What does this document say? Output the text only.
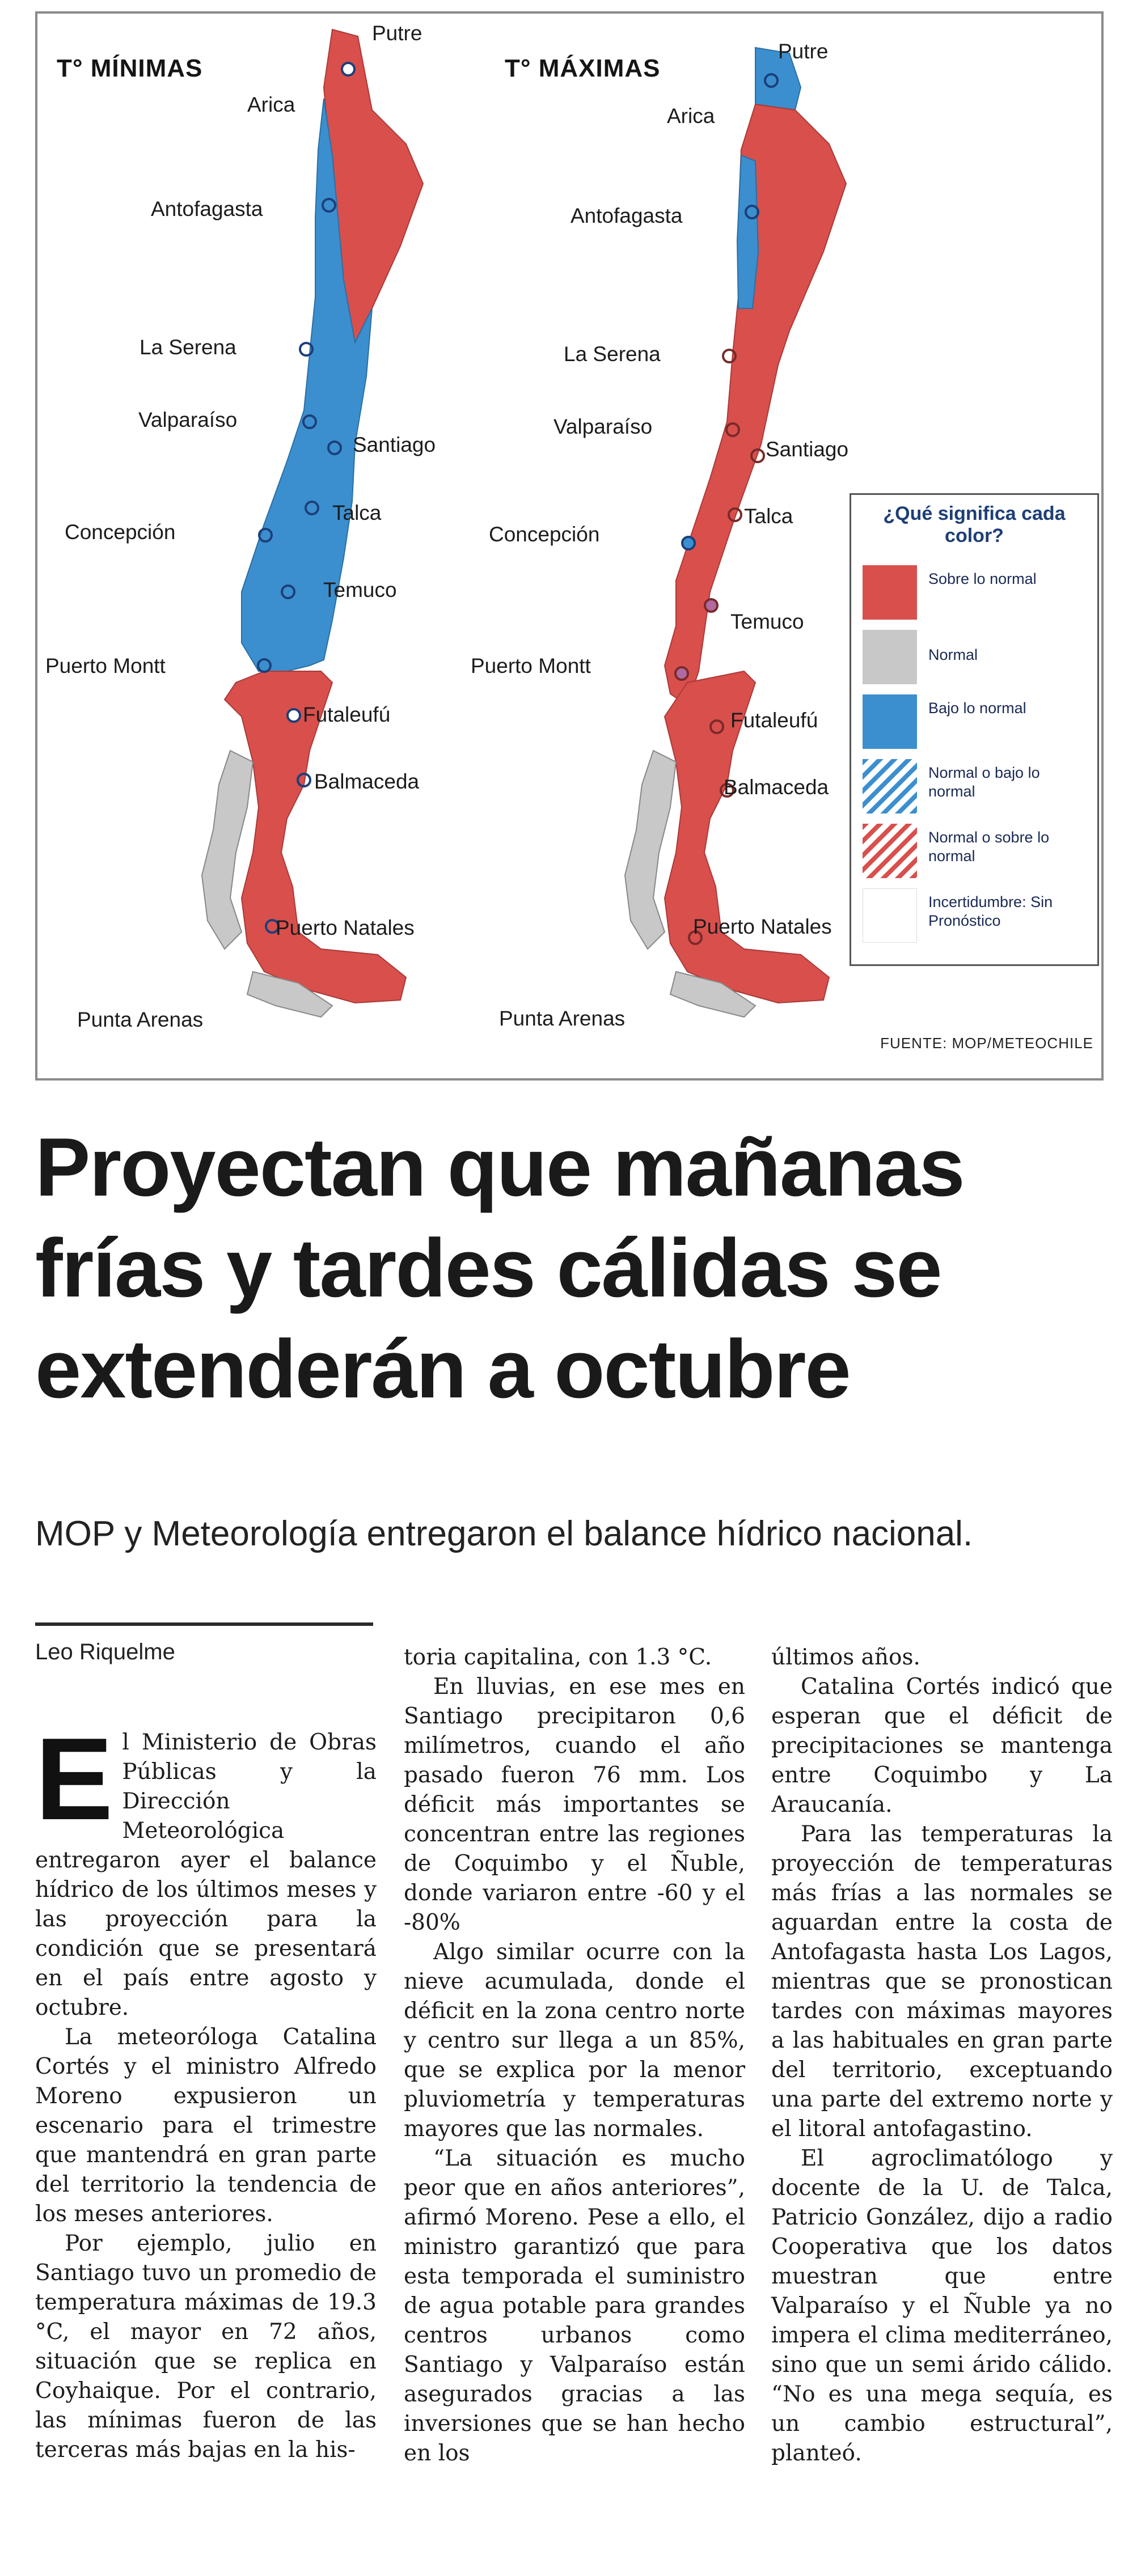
T° MÍNIMAS	T° MÁXIMAS
Putre
Arica
Antofagasta
La Serena
Valparaíso
Santiago
Talca
Concepción
Temuco
Puerto Montt
Futaleufú
Balmaceda
Puerto Natales
Punta Arenas
Putre
Arica
Antofagasta
La Serena
Valparaíso
Santiago
Talca
Concepción
Temuco
Puerto Montt
Futaleufú
Balmaceda
Puerto Natales
Punta Arenas
¿Qué significa cada color?
Sobre lo normal
Normal
Bajo lo normal
Normal o bajo lo normal
Normal o sobre lo normal
Incertidumbre: Sin Pronóstico
FUENTE: MOP/METEOCHILE
Proyectan que mañanas frías y tardes cálidas se extenderán a octubre
MOP y Meteorología entregaron el balance hídrico nacional.
Leo Riquelme

El Ministerio de Obras Públicas y la Dirección Meteorológica entregaron ayer el balance hídrico de los últimos meses y las proyección para la condición que se presentará en el país entre agosto y octubre.

La meteoróloga Catalina Cortés y el ministro Alfredo Moreno expusieron un escenario para el trimestre que mantendrá en gran parte del territorio la tendencia de los meses anteriores.

Por ejemplo, julio en Santiago tuvo un promedio de temperatura máximas de 19.3 °C, el mayor en 72 años, situación que se replica en Coyhaique. Por el contrario, las mínimas fueron de las terceras más bajas en la his-

toria capitalina, con 1.3 °C.

En lluvias, en ese mes en Santiago precipitaron 0,6 milímetros, cuando el año pasado fueron 76 mm. Los déficit más importantes se concentran entre las regiones de Coquimbo y el Ñuble, donde variaron entre -60 y el -80%

Algo similar ocurre con la nieve acumulada, donde el déficit en la zona centro norte y centro sur llega a un 85%, que se explica por la menor pluviometría y temperaturas mayores que las normales.

“La situación es mucho peor que en años anteriores”, afirmó Moreno. Pese a ello, el ministro garantizó que para esta temporada el suministro de agua potable para grandes centros urbanos como Santiago y Valparaíso están asegurados gracias a las inversiones que se han hecho en los

últimos años.

Catalina Cortés indicó que esperan que el déficit de precipitaciones se mantenga entre Coquimbo y La Araucanía.

Para las temperaturas la proyección de temperaturas más frías a las normales se aguardan entre la costa de Antofagasta hasta Los Lagos, mientras que se pronostican tardes con máximas mayores a las habituales en gran parte del territorio, exceptuando una parte del extremo norte y el litoral antofagastino.

El agroclimatólogo y docente de la U. de Talca, Patricio González, dijo a radio Cooperativa que los datos muestran que entre Valparaíso y el Ñuble ya no impera el clima mediterráneo, sino que un semi árido cálido. “No es una mega sequía, es un cambio estructural”, planteó.
